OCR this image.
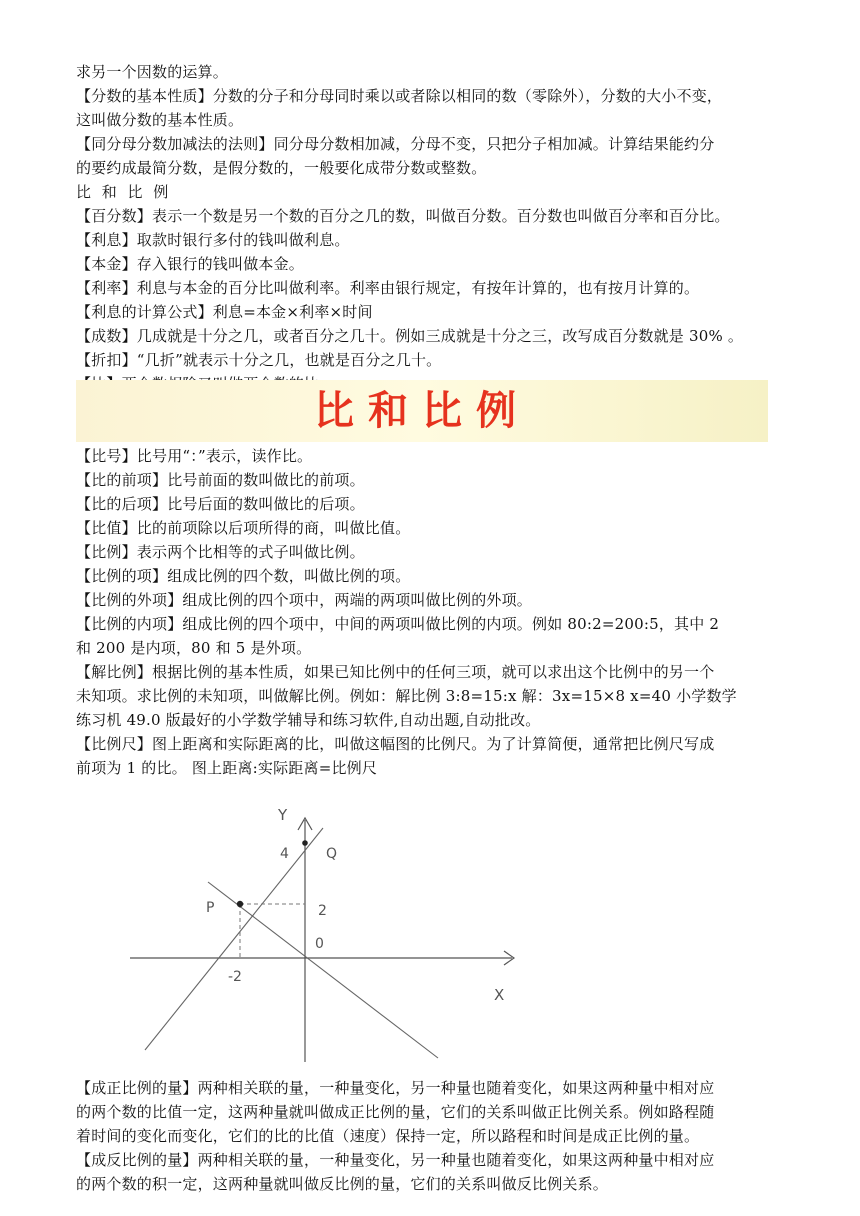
求另一个因数的运算。
【分数的基本性质】分数的分子和分母同时乘以或者除以相同的数（零除外），分数的大小不变，
这叫做分数的基本性质。
【同分母分数加减法的法则】同分母分数相加减，分母不变，只把分子相加减。计算结果能约分
的要约成最简分数，是假分数的，一般要化成带分数或整数。
比 和 比 例
【百分数】表示一个数是另一个数的百分之几的数，叫做百分数。百分数也叫做百分率和百分比。
【利息】取款时银行多付的钱叫做利息。
【本金】存入银行的钱叫做本金。
【利率】利息与本金的百分比叫做利率。利率由银行规定，有按年计算的，也有按月计算的。
【利息的计算公式】利息=本金×利率×时间
【成数】几成就是十分之几，或者百分之几十。例如三成就是十分之三，改写成百分数就是 30% 。
【折扣】“几折”就表示十分之几，也就是百分之几十。
比和比例
【比号】比号用“：”表示，读作比。
【比的前项】比号前面的数叫做比的前项。
【比的后项】比号后面的数叫做比的后项。
【比值】比的前项除以后项所得的商，叫做比值。
【比例】表示两个比相等的式子叫做比例。
【比例的项】组成比例的四个数，叫做比例的项。
【比例的外项】组成比例的四个项中，两端的两项叫做比例的外项。
【比例的内项】组成比例的四个项中，中间的两项叫做比例的内项。例如 80:2=200:5，其中 2
和 200 是内项，80 和 5 是外项。
【解比例】根据比例的基本性质，如果已知比例中的任何三项，就可以求出这个比例中的另一个
未知项。求比例的未知项，叫做解比例。例如：解比例 3:8=15:x 解：3x=15×8 x=40 小学数学
练习机 49.0 版最好的小学数学辅导和练习软件,自动出题,自动批改。
【比例尺】图上距离和实际距离的比，叫做这幅图的比例尺。为了计算简便，通常把比例尺写成
前项为 1 的比。 图上距离:实际距离=比例尺
Y
X
0
4
2
-2
P
Q
【成正比例的量】两种相关联的量，一种量变化，另一种量也随着变化，如果这两种量中相对应
的两个数的比值一定，这两种量就叫做成正比例的量，它们的关系叫做正比例关系。例如路程随
着时间的变化而变化，它们的比的比值（速度）保持一定，所以路程和时间是成正比例的量。
【成反比例的量】两种相关联的量，一种量变化，另一种量也随着变化，如果这两种量中相对应
的两个数的积一定，这两种量就叫做反比例的量，它们的关系叫做反比例关系。
